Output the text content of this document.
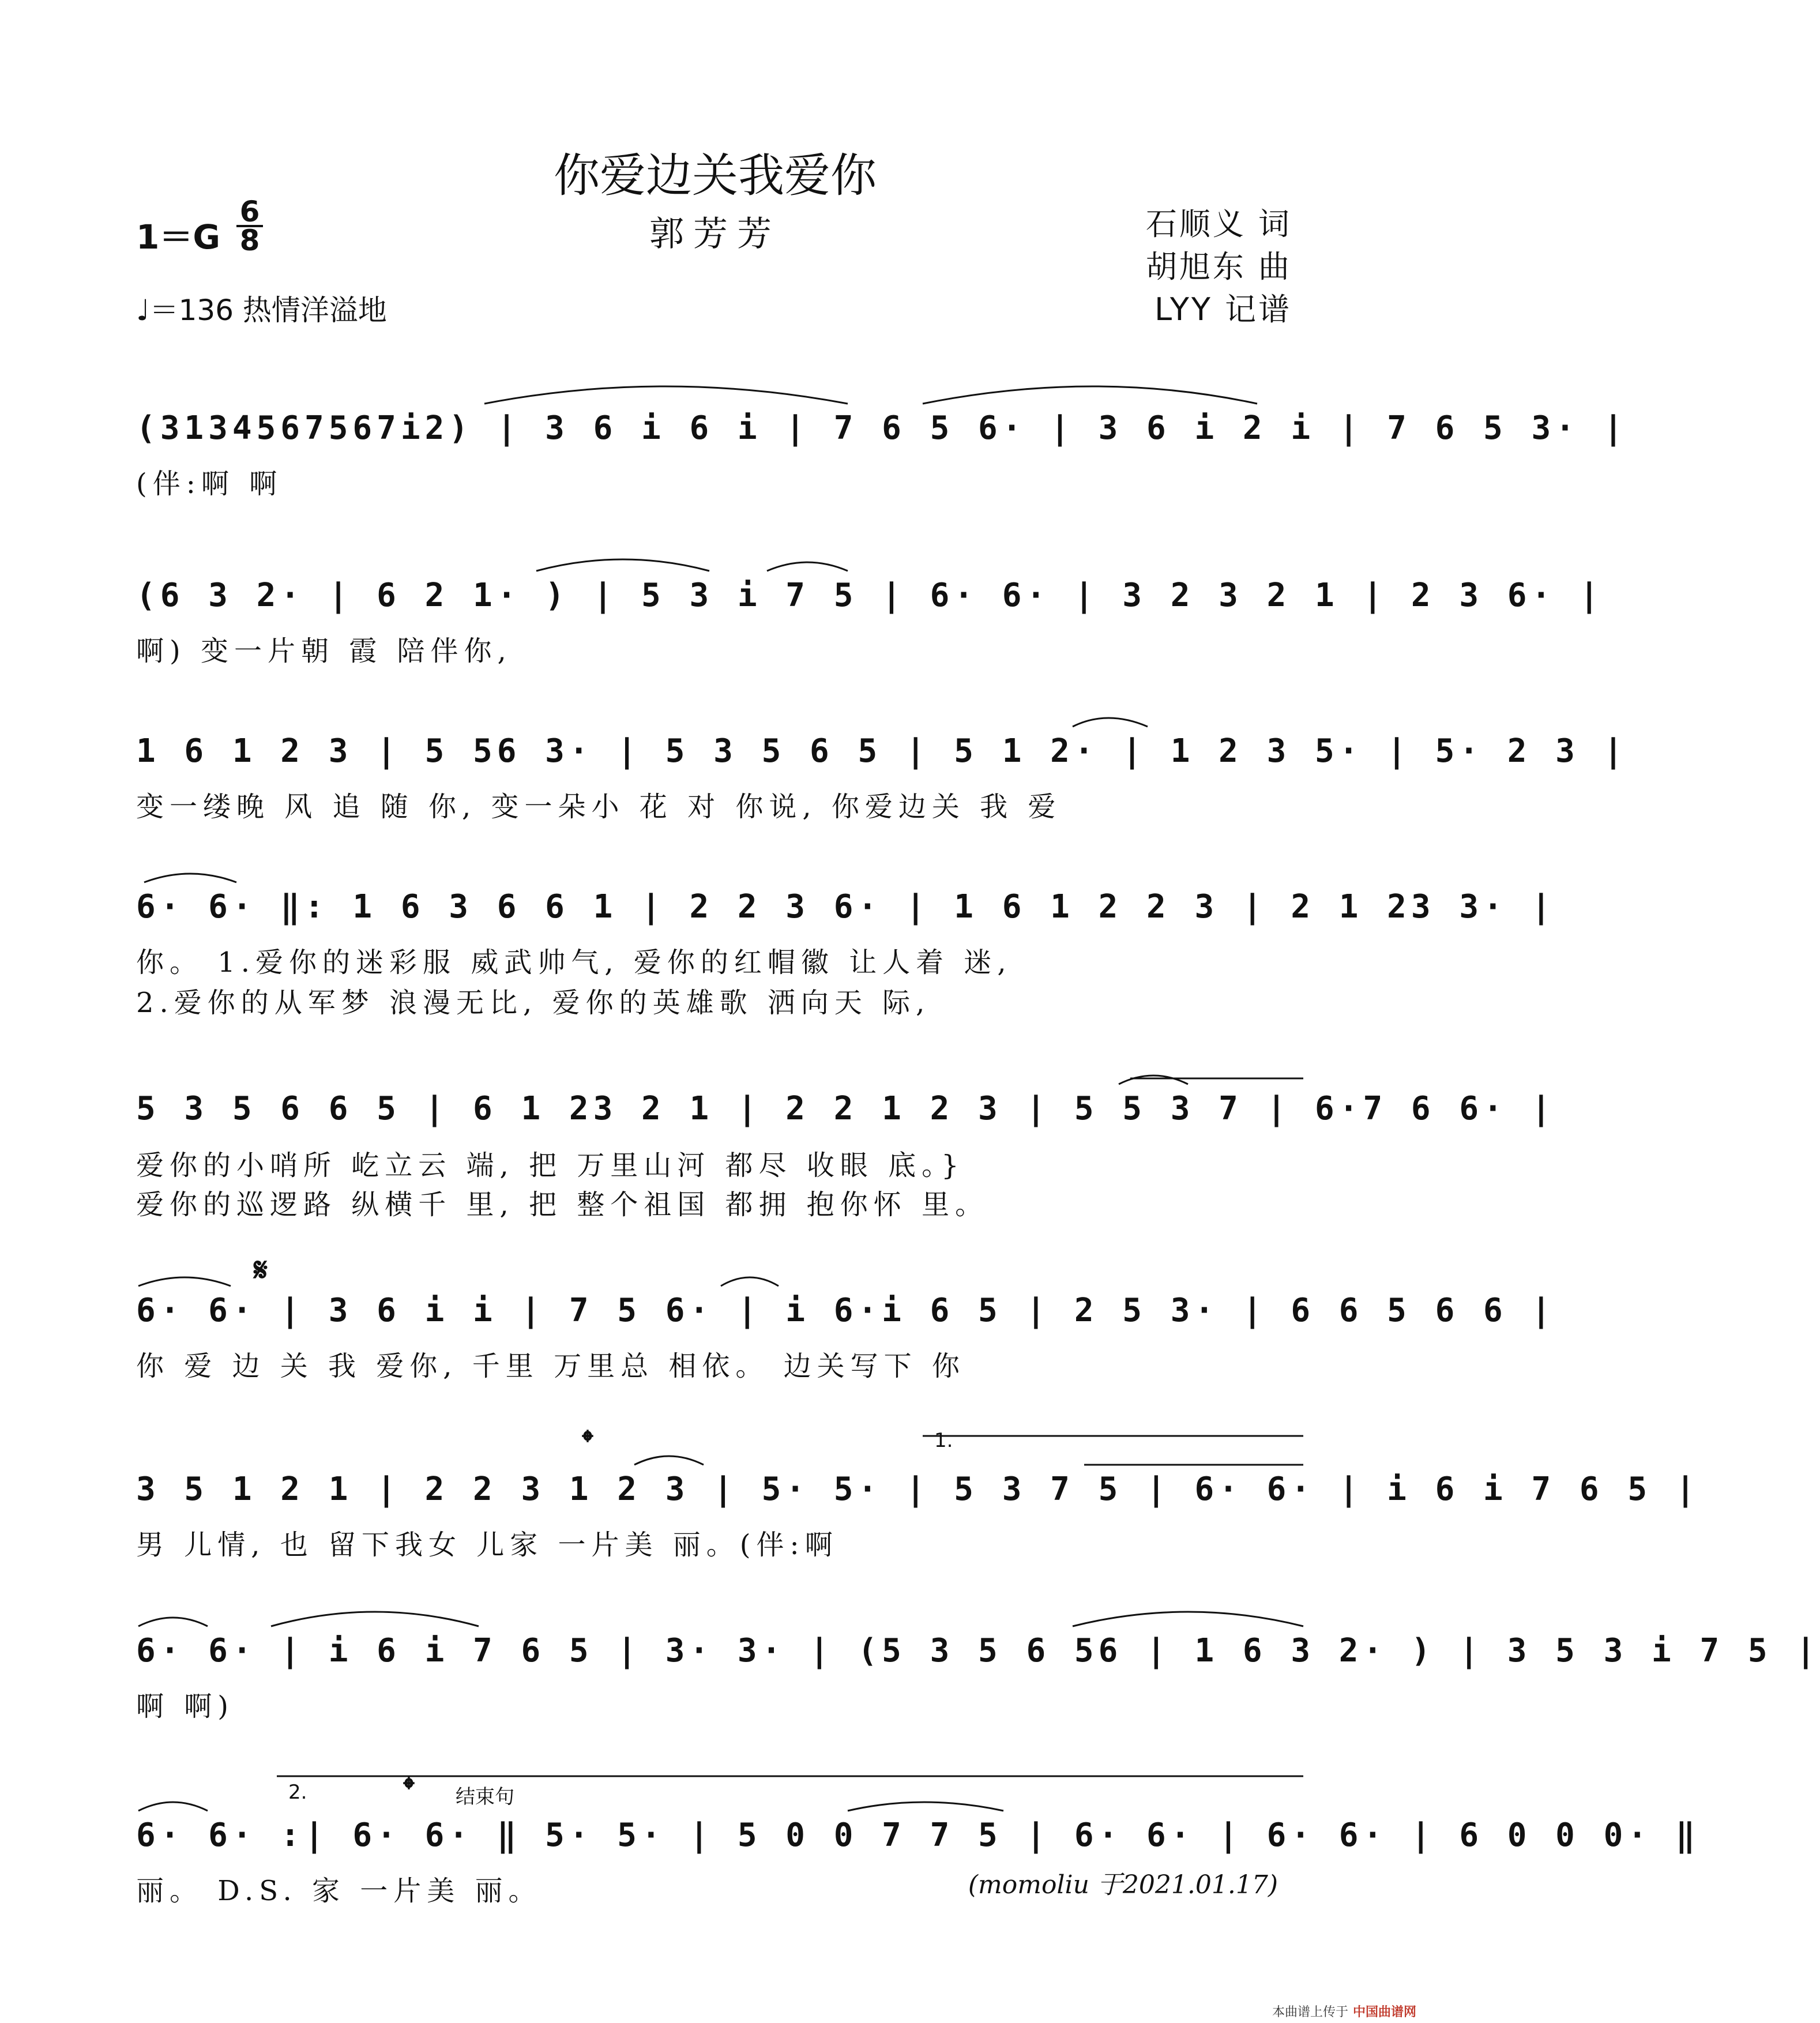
你爱边关我爱你
郭芳芳
1＝G
6
8
♩＝136 热情洋溢地
石顺义 词
胡旭东 曲
LYY 记谱
(3134567567i2) | 3 6 i 6 i | 7 6 5 6· | 3 6 i 2 i | 7 6 5 3· |
(伴:啊 啊
(6 3 2· | 6 2 1· ) | 5 3 i 7 5 | 6· 6· | 3 2 3 2 1 | 2 3 6· |
啊) 变一片朝 霞 陪伴你,
1 6 1 2 3 | 5 56 3· | 5 3 5 6 5 | 5 1 2· | 1 2 3 5· | 5· 2 3 |
变一缕晚 风 追 随 你, 变一朵小 花 对 你说, 你爱边关 我 爱
6· 6· ‖: 1 6 3 6 6 1 | 2 2 3 6· | 1 6 1 2 2 3 | 2 1 23 3· |
你。 1.爱你的迷彩服 威武帅气, 爱你的红帽徽 让人着 迷,
2.爱你的从军梦 浪漫无比, 爱你的英雄歌 洒向天 际,
5 3 5 6 6 5 | 6 1 23 2 1 | 2 2 1 2 3 | 5 5 3 7 | 6·7 6 6· |
爱你的小哨所 屹立云 端, 把 万里山河 都尽 收眼 底。}
爱你的巡逻路 纵横千 里, 把 整个祖国 都拥 抱你怀 里。
𝄋
6· 6· | 3 6 i i | 7 5 6· | i 6·i 6 5 | 2 5 3· | 6 6 5 6 6 |
你 爱 边 关 我 爱你, 千里 万里总 相依。 边关写下 你
𝄌	1.
3 5 1 2 1 | 2 2 3 1 2 3 | 5· 5· | 5 3 7 5 | 6· 6· | i 6 i 7 6 5 |
男 儿情, 也 留下我女 儿家 一片美 丽。(伴:啊
6· 6· | i 6 i 7 6 5 | 3· 3· | (5 3 5 6 56 | 1 6 3 2· ) | 3 5 3 i 7 5 |
啊 啊)
2.	𝄌 结束句
6· 6· :| 6· 6· ‖ 5· 5· | 5 0 0 7 7 5 | 6· 6· | 6· 6· | 6 0 0 0· ‖
丽。 D.S. 家 一片美 丽。	(momoliu 于2021.01.17)
本曲谱上传于 中国曲谱网
